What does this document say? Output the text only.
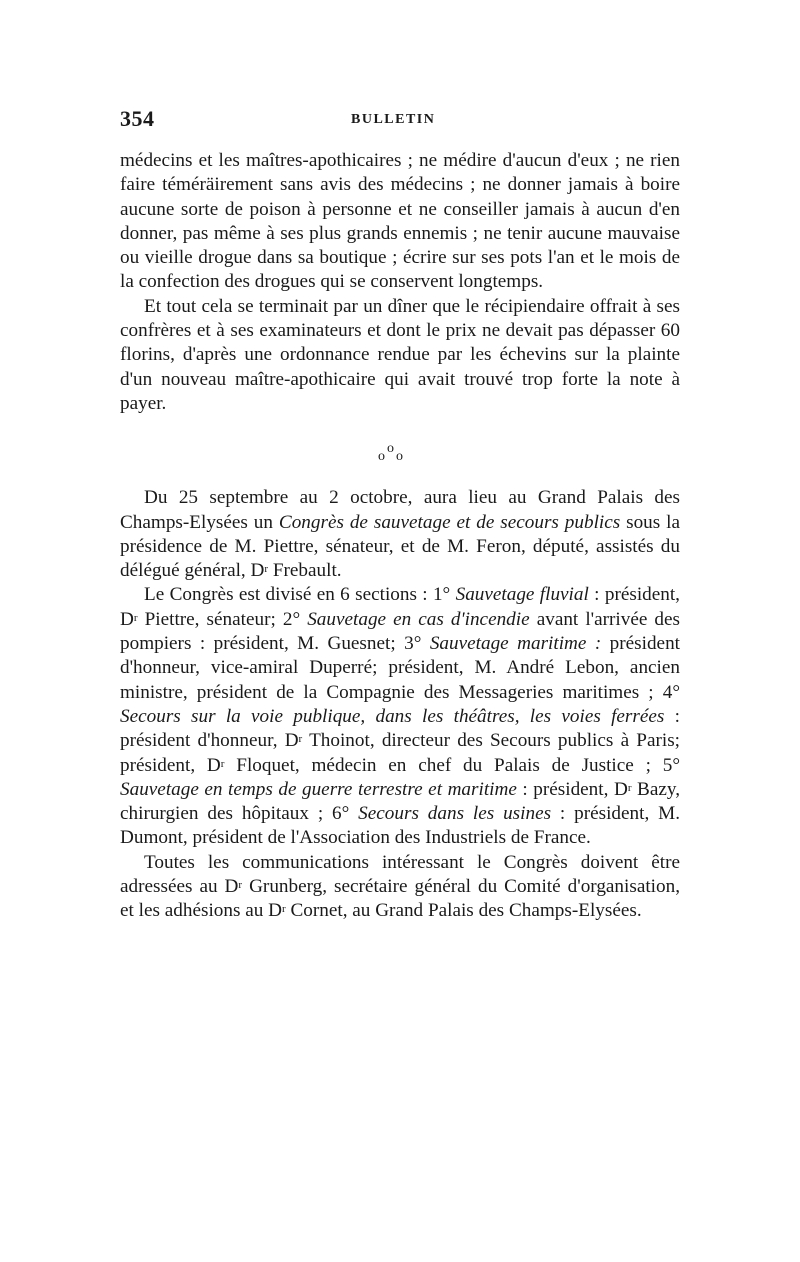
354	BULLETIN

médecins et les maîtres-apothicaires ; ne médire d'aucun d'eux ; ne rien faire téméräirement sans avis des médecins ; ne donner jamais à boire aucune sorte de poison à personne et ne conseiller jamais à aucun d'en donner, pas même à ses plus grands ennemis ; ne tenir aucune mauvaise ou vieille drogue dans sa boutique ; écrire sur ses pots l'an et le mois de la confection des drogues qui se conservent longtemps.

Et tout cela se terminait par un dîner que le récipiendaire offrait à ses confrères et à ses examinateurs et dont le prix ne devait pas dépasser 60 florins, d'après une ordonnance rendue par les échevins sur la plainte d'un nouveau maître-apothicaire qui avait trouvé trop forte la note à payer.

o
o
o

Du 25 septembre au 2 octobre, aura lieu au Grand Palais des Champs-Elysées un Congrès de sauvetage et de secours publics sous la présidence de M. Piettre, sénateur, et de M. Feron, député, assistés du délégué général, $D^r$ Frebault.

Le Congrès est divisé en 6 sections : 1° Sauvetage fluvial : président, $D^r$ Piettre, sénateur; 2° Sauvetage en cas d'incendie avant l'arrivée des pompiers : président, M. Guesnet; 3° Sauvetage maritime : président d'honneur, vice-amiral Duperré; président, M. André Lebon, ancien ministre, président de la Compagnie des Messageries maritimes ; 4° Secours sur la voie publique, dans les théâtres, les voies ferrées : président d'honneur, $D^r$ Thoinot, directeur des Secours publics à Paris; président, $D^r$ Floquet, médecin en chef du Palais de Justice ; 5° Sauvetage en temps de guerre terrestre et maritime : président, $D^r$ Bazy, chirurgien des hôpitaux ; 6° Secours dans les usines : président, M. Dumont, président de l'Association des Industriels de France.

Toutes les communications intéressant le Congrès doivent être adressées au $D^r$ Grunberg, secrétaire général du Comité d'organisation, et les adhésions au $D^r$ Cornet, au Grand Palais des Champs-Elysées.
